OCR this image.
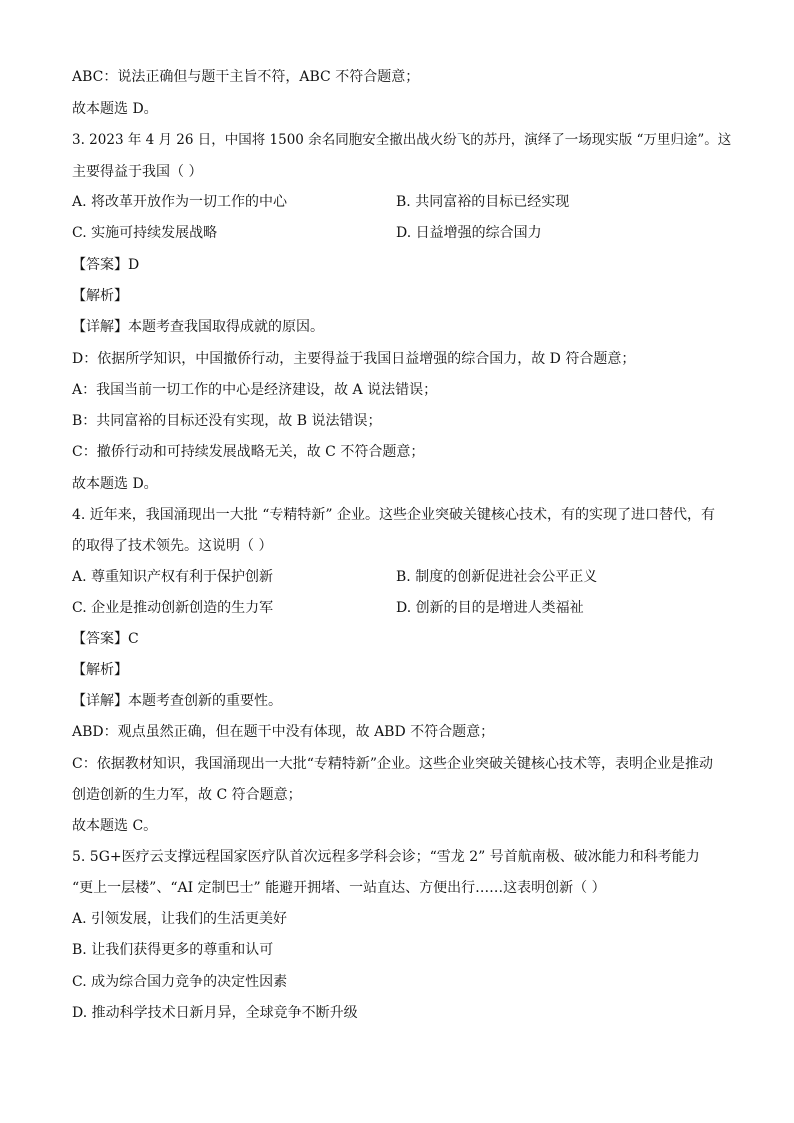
ABC：说法正确但与题干主旨不符，ABC 不符合题意；
故本题选 D。
3. 2023 年 4 月 26 日，中国将 1500 余名同胞安全撤出战火纷飞的苏丹，演绎了一场现实版 “万里归途”。这
主要得益于我国（ ）
A. 将改革开放作为一切工作的中心	B. 共同富裕的目标已经实现
C. 实施可持续发展战略	D. 日益增强的综合国力
【答案】D
【解析】
【详解】本题考查我国取得成就的原因。
D：依据所学知识，中国撤侨行动，主要得益于我国日益增强的综合国力，故 D 符合题意；
A：我国当前一切工作的中心是经济建设，故 A 说法错误；
B：共同富裕的目标还没有实现，故 B 说法错误；
C：撤侨行动和可持续发展战略无关，故 C 不符合题意；
故本题选 D。
4. 近年来，我国涌现出一大批 “专精特新” 企业。这些企业突破关键核心技术，有的实现了进口替代，有
的取得了技术领先。这说明（ ）
A. 尊重知识产权有利于保护创新	B. 制度的创新促进社会公平正义
C. 企业是推动创新创造的生力军	D. 创新的目的是增进人类福祉
【答案】C
【解析】
【详解】本题考查创新的重要性。
ABD：观点虽然正确，但在题干中没有体现，故 ABD 不符合题意；
C：依据教材知识，我国涌现出一大批“专精特新”企业。这些企业突破关键核心技术等，表明企业是推动
创造创新的生力军，故 C 符合题意；
故本题选 C。
5. 5G+医疗云支撑远程国家医疗队首次远程多学科会诊；“雪龙 2” 号首航南极、破冰能力和科考能力
“更上一层楼”、“AI 定制巴士” 能避开拥堵、一站直达、方便出行……这表明创新（ ）
A. 引领发展，让我们的生活更美好
B. 让我们获得更多的尊重和认可
C. 成为综合国力竞争的决定性因素
D. 推动科学技术日新月异，全球竞争不断升级
